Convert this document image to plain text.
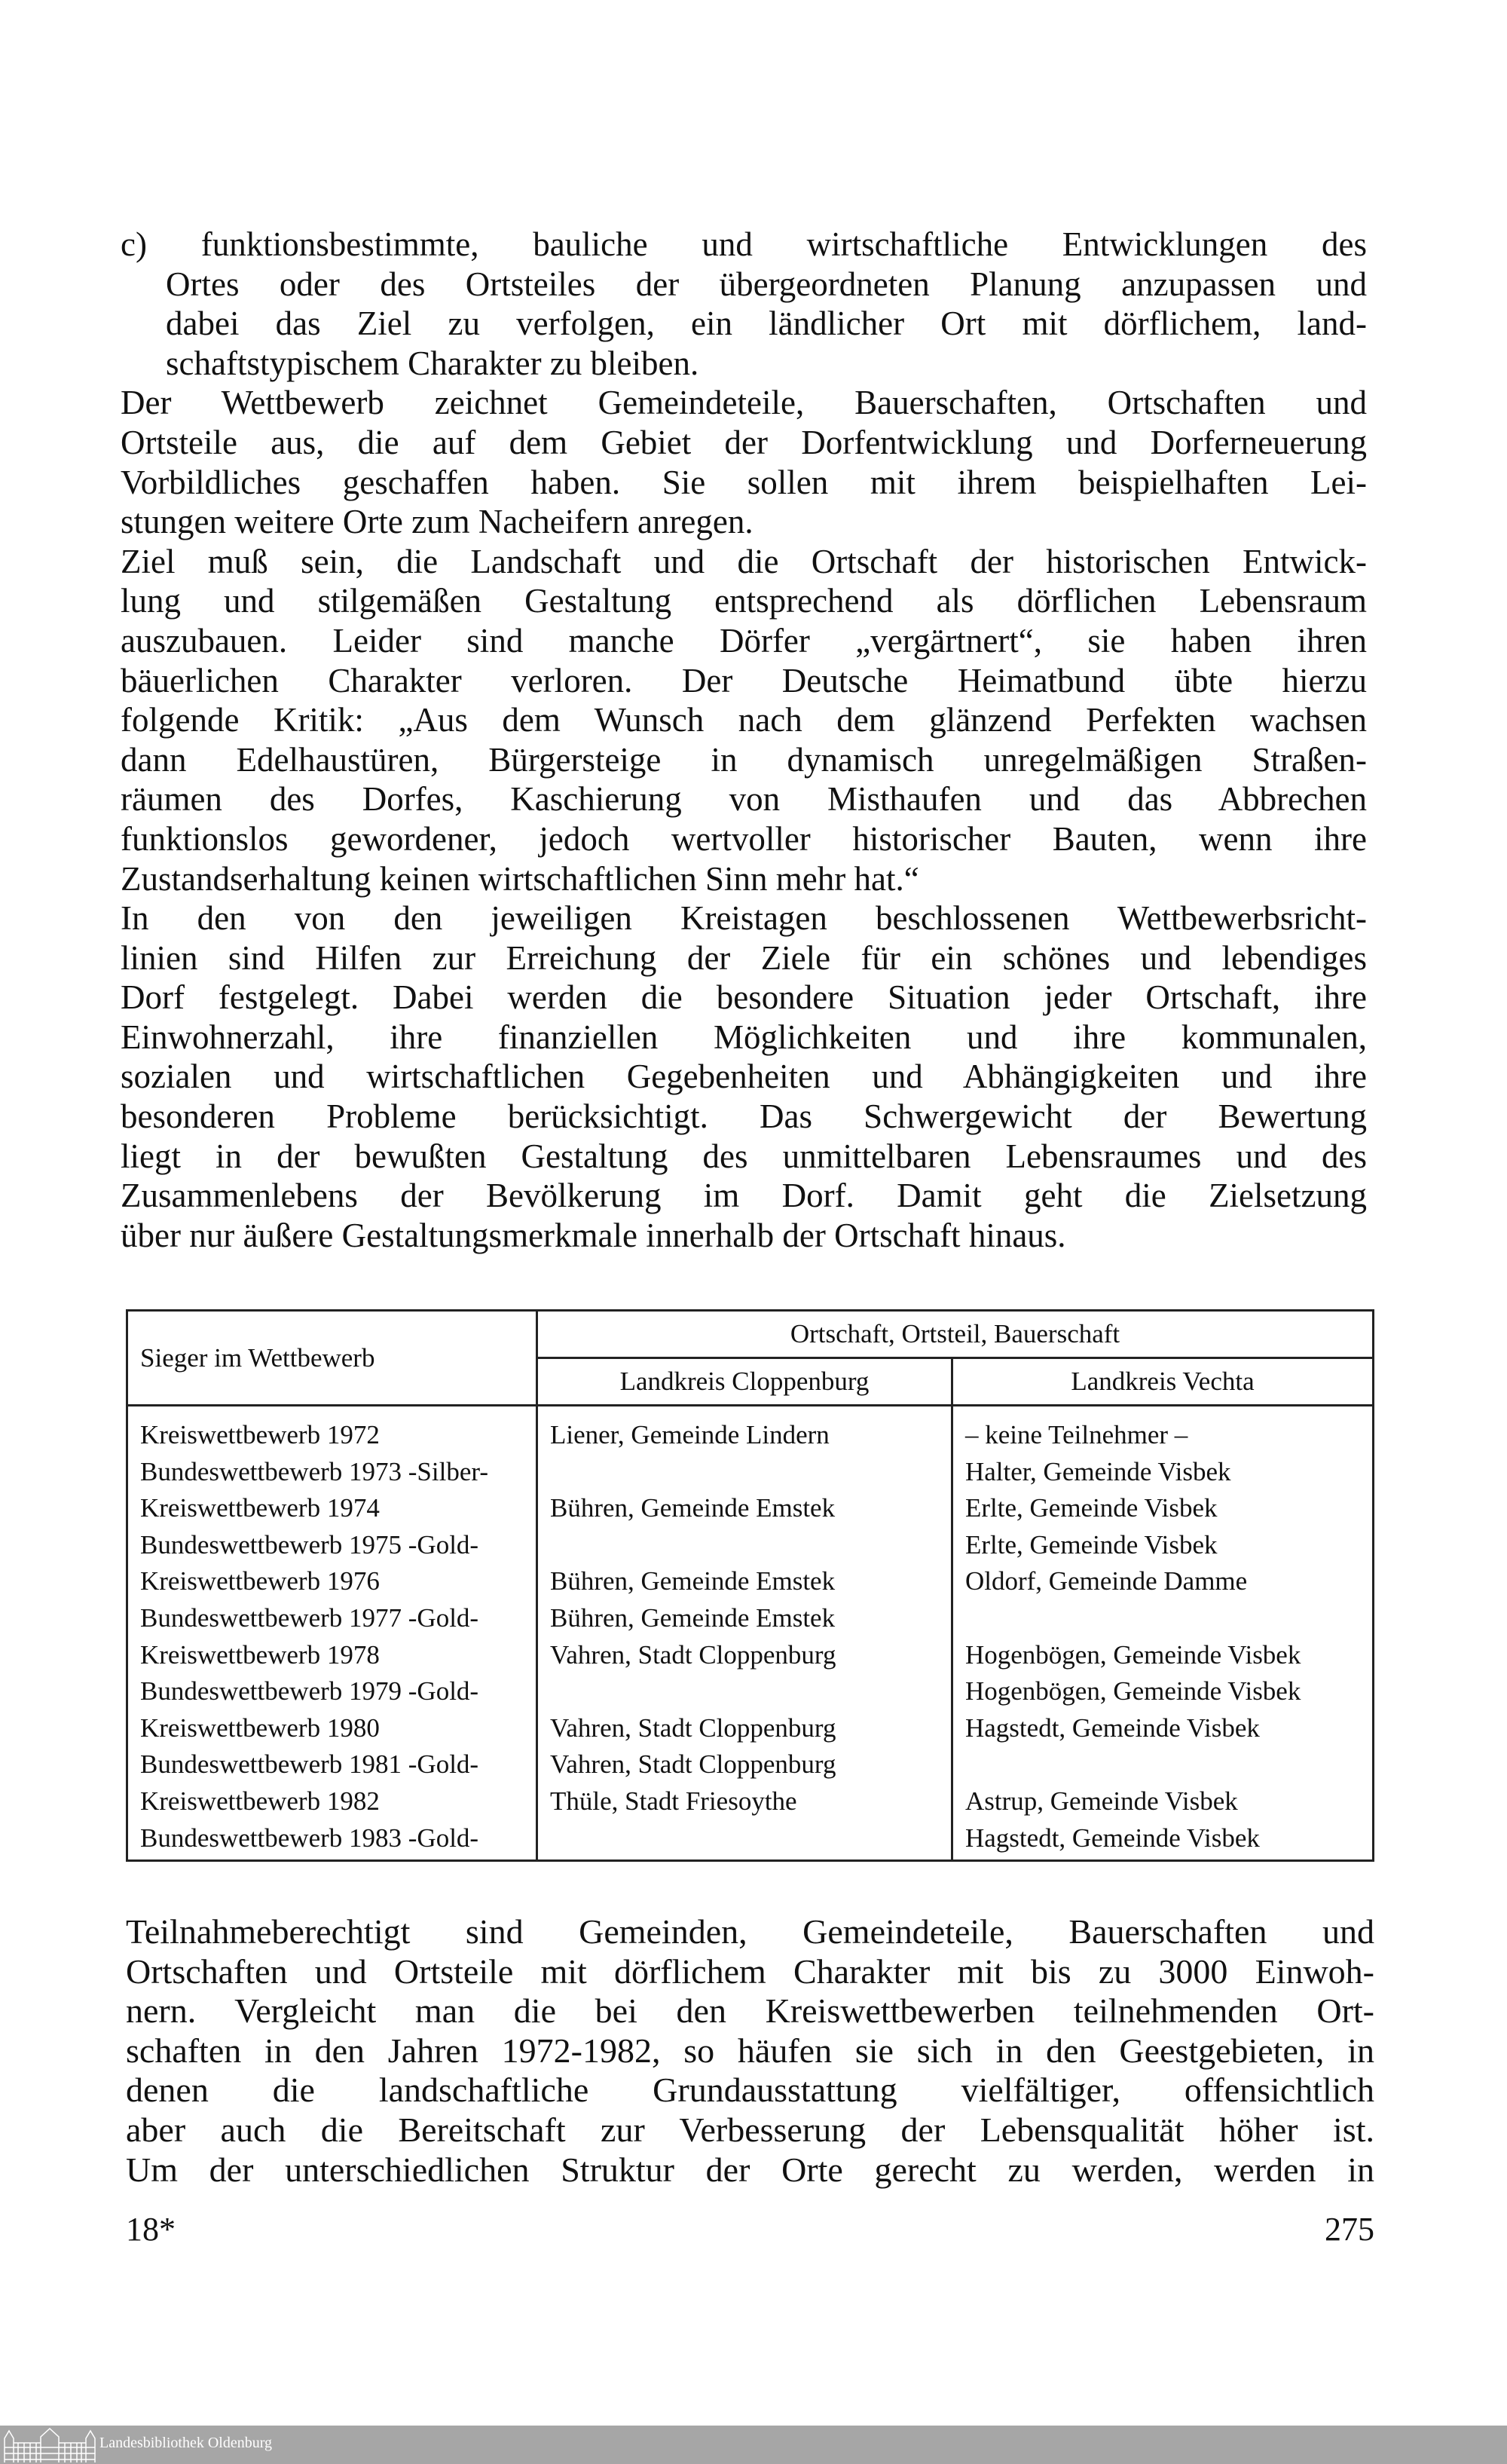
c) funktionsbestimmte, bauliche und wirtschaftliche Entwicklungen des
Ortes oder des Ortsteiles der übergeordneten Planung anzupassen und
dabei das Ziel zu verfolgen, ein ländlicher Ort mit dörflichem, land-
schaftstypischem Charakter zu bleiben.
Der Wettbewerb zeichnet Gemeindeteile, Bauerschaften, Ortschaften und
Ortsteile aus, die auf dem Gebiet der Dorfentwicklung und Dorferneuerung
Vorbildliches geschaffen haben. Sie sollen mit ihrem beispielhaften Lei-
stungen weitere Orte zum Nacheifern anregen.
Ziel muß sein, die Landschaft und die Ortschaft der historischen Entwick-
lung und stilgemäßen Gestaltung entsprechend als dörflichen Lebensraum
auszubauen. Leider sind manche Dörfer „vergärtnert“, sie haben ihren
bäuerlichen Charakter verloren. Der Deutsche Heimatbund übte hierzu
folgende Kritik: „Aus dem Wunsch nach dem glänzend Perfekten wachsen
dann Edelhaustüren, Bürgersteige in dynamisch unregelmäßigen Straßen-
räumen des Dorfes, Kaschierung von Misthaufen und das Abbrechen
funktionslos gewordener, jedoch wertvoller historischer Bauten, wenn ihre
Zustandserhaltung keinen wirtschaftlichen Sinn mehr hat.“
In den von den jeweiligen Kreistagen beschlossenen Wettbewerbsricht-
linien sind Hilfen zur Erreichung der Ziele für ein schönes und lebendiges
Dorf festgelegt. Dabei werden die besondere Situation jeder Ortschaft, ihre
Einwohnerzahl, ihre finanziellen Möglichkeiten und ihre kommunalen,
sozialen und wirtschaftlichen Gegebenheiten und Abhängigkeiten und ihre
besonderen Probleme berücksichtigt. Das Schwergewicht der Bewertung
liegt in der bewußten Gestaltung des unmittelbaren Lebensraumes und des
Zusammenlebens der Bevölkerung im Dorf. Damit geht die Zielsetzung
über nur äußere Gestaltungsmerkmale innerhalb der Ortschaft hinaus.
Sieger im Wettbewerb	Ortschaft, Ortsteil, Bauerschaft	
	Landkreis Cloppenburg	Landkreis Vechta
Kreiswettbewerb 1972	Liener, Gemeinde Lindern	– keine Teilnehmer –
Bundeswettbewerb 1973 -Silber-		Halter, Gemeinde Visbek
Kreiswettbewerb 1974	Bühren, Gemeinde Emstek	Erlte, Gemeinde Visbek
Bundeswettbewerb 1975 -Gold-		Erlte, Gemeinde Visbek
Kreiswettbewerb 1976	Bühren, Gemeinde Emstek	Oldorf, Gemeinde Damme
Bundeswettbewerb 1977 -Gold-	Bühren, Gemeinde Emstek	
Kreiswettbewerb 1978	Vahren, Stadt Cloppenburg	Hogenbögen, Gemeinde Visbek
Bundeswettbewerb 1979 -Gold-		Hogenbögen, Gemeinde Visbek
Kreiswettbewerb 1980	Vahren, Stadt Cloppenburg	Hagstedt, Gemeinde Visbek
Bundeswettbewerb 1981 -Gold-	Vahren, Stadt Cloppenburg	
Kreiswettbewerb 1982	Thüle, Stadt Friesoythe	Astrup, Gemeinde Visbek
Bundeswettbewerb 1983 -Gold-		Hagstedt, Gemeinde Visbek
Teilnahmeberechtigt sind Gemeinden, Gemeindeteile, Bauerschaften und
Ortschaften und Ortsteile mit dörflichem Charakter mit bis zu 3000 Einwoh-
nern. Vergleicht man die bei den Kreiswettbewerben teilnehmenden Ort-
schaften in den Jahren 1972-1982, so häufen sie sich in den Geestgebieten, in
denen die landschaftliche Grundausstattung vielfältiger, offensichtlich
aber auch die Bereitschaft zur Verbesserung der Lebensqualität höher ist.
Um der unterschiedlichen Struktur der Orte gerecht zu werden, werden in
18*	275
Landesbibliothek Oldenburg
